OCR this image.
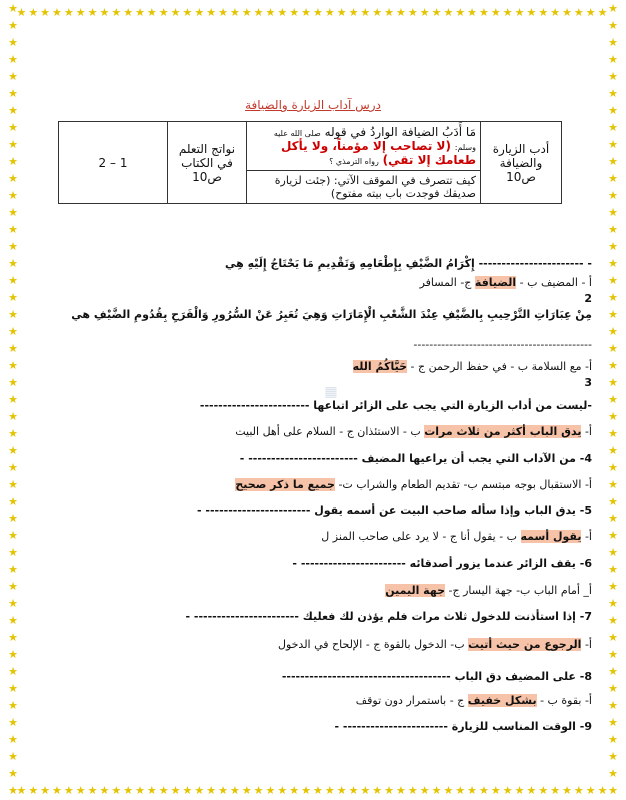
★★★★★★★★★★★★★★★★★★★★★★★★★★★★★★★★★★★★★★★★★★★★★★★★★★
★★★★★★★★★★★★★★★★★★★★★★★★★★★★★★★★★★★★★★★★★★★★★★★★★★
★
★
★
★
★
★
★
★
★
★
★
★
★
★
★
★
★
★
★
★
★
★
★
★
★
★
★
★
★
★
★
★
★
★
★
★
★
★
★
★
★
★
★
★
★
★
★
★
★
★
★
★
★
★
★
★
★
★
★
★
★
★
★
★
★
★
★
★
★
★
★
★
★
★
★
★
★
★
★
★
★
★
★
★
★
★
★
★
★
★
★
★
★
★
درس آداب الزيارة والضيافة
أدب الزيارة والضيافة ص10	مَا أَدَبُ الضيافة الواردُ في قوله صلى الله عليه وسلم: (لا تصاحب إلا مؤمناً، ولا يأكل طعامك إلا تقي) رواه الترمذي ؟	نواتج التعلم في الكتاب ص10	1 – 2
كيف تتصرف في الموقف الآتي: (جئت لزيارة صديقك فوجدت باب بيته مفتوح)
▦
- ----------------------- إِكْرَامُ الضَّيْفِ بِإِطْعَامِهِ وَتَقْدِيمِ مَا يَحْتَاجُ إِلَيْهِ هِي
أ - المضيف ب - الضيافة ج- المسافر
2
مِنْ عِبَارَاتِ التَّرْحِيبِ بِالضَّيْفِ عِنْدَ الشَّعْبِ الْإِمَارَاتِ وَهِيَ تُعَبِرُ عَنْ السُّرُورِ وَالْفَرَحِ بِقُدُومِ الضَّيْفِ هي
---------------------------------------------
أ- مع السلامة ب - في حفظ الرحمن ج - حَيَّاكُمُ الله
3
-ليست من أداب الزيارة التي يجب على الزائر اتباعها ------------------------
أ- يدق الباب أكثر من ثلاث مرات ب - الاستئذان ج - السلام على أهل البيت
4- من الآداب التي يجب أن يراعيها المضيف ------------------------ -
أ- الاستقبال بوجه مبتسم ب- تقديم الطعام والشراب ت- جميع ما ذكر صحيح
5- يدق الباب وإذا سأله صاحب البيت عن أسمه يقول ----------------------- -
أ- يقول أسمه ب - يقول أنا ج - لا يرد على صاحب المنز ل
6- يقف الزائر عندما يزور أصدقائه ----------------------- -
أ_ أمام الباب ب- جهة اليسار ج- جهة اليمين
7- إذا استأذنت للدخول ثلاث مرات فلم يؤذن لك فعليك ----------------------- -
أ- الرجوع من حيث أتيت ب- الدخول بالقوة ج - الإلحاح في الدخول
8- على المضيف دق الباب -------------------------------------
أ- بقوة ب - بشكل خفيف ج - باستمرار دون توقف
9- الوقت المناسب للزيارة ----------------------- -
